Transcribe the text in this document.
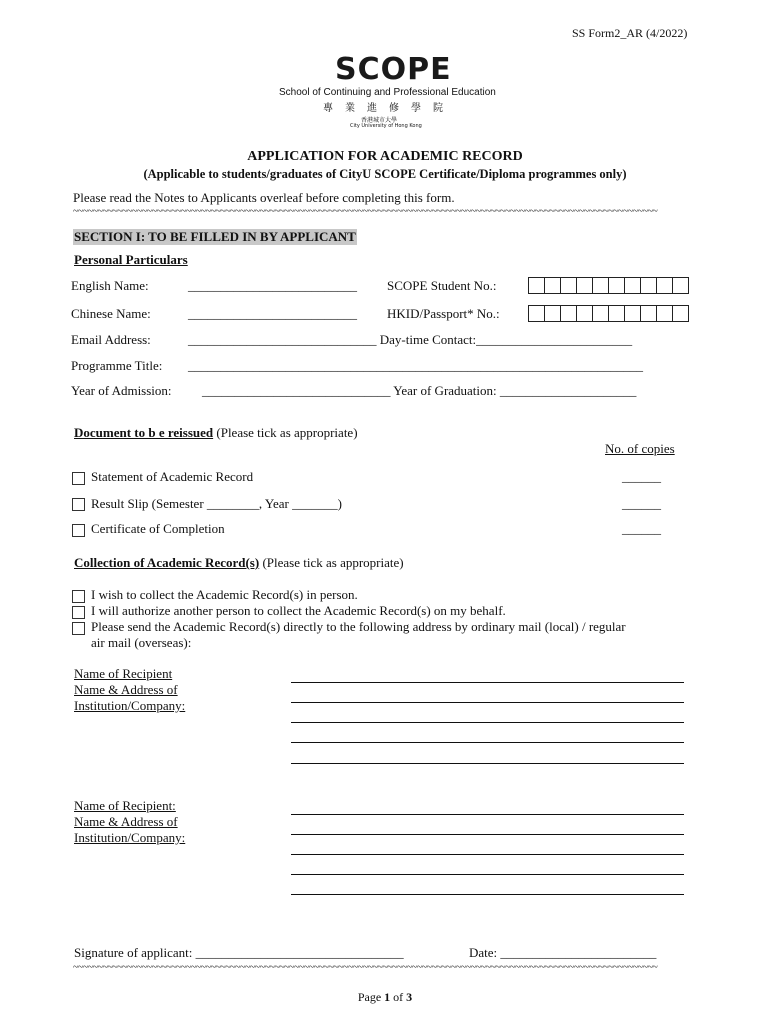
SS Form2_AR (4/2022)
SCOPE
School of Continuing and Professional Education
專業進修學院
香港城市大學
City University of Hong Kong
APPLICATION FOR ACADEMIC RECORD
(Applicable to students/graduates of CityU SCOPE Certificate/Diploma programmes only)
Please read the Notes to Applicants overleaf before completing this form.
~~~~~~~~~~~~~~~~~~~~~~~~~~~~~~~~~~~~~~~~~~~~~~~~~~~~~~~~~~~~~~~~~~~~~~~~~~~~~~~~~~~~~~~~~~~~~~~~~~~~~~~~~~~~~~~~~~~~~~~
SECTION I: TO BE FILLED IN BY APPLICANT
Personal Particulars
English Name:	__________________________ SCOPE Student No.:
Chinese Name:	__________________________ HKID/Passport* No.:
Email Address:	_____________________________ Day-time Contact:________________________
Programme Title: ______________________________________________________________________
Year of Admission: _____________________________ Year of Graduation: _____________________
Document to b e reissued (Please tick as appropriate)
No. of copies
Statement of Academic Record	______
Result Slip (Semester ________, Year _______)	______
Certificate of Completion	______
Collection of Academic Record(s) (Please tick as appropriate)
I wish to collect the Academic Record(s) in person.
I will authorize another person to collect the Academic Record(s) on my behalf.
Please send the Academic Record(s) directly to the following address by ordinary mail (local) / regular
air mail (overseas):
Name of Recipient
Name & Address of
Institution/Company:
Name of Recipient:
Name & Address of
Institution/Company:
Signature of applicant: ________________________________	Date: ________________________
~~~~~~~~~~~~~~~~~~~~~~~~~~~~~~~~~~~~~~~~~~~~~~~~~~~~~~~~~~~~~~~~~~~~~~~~~~~~~~~~~~~~~~~~~~~~~~~~~~~~~~~~~~~~~~~~~~~~~~~
Page 1 of 3
